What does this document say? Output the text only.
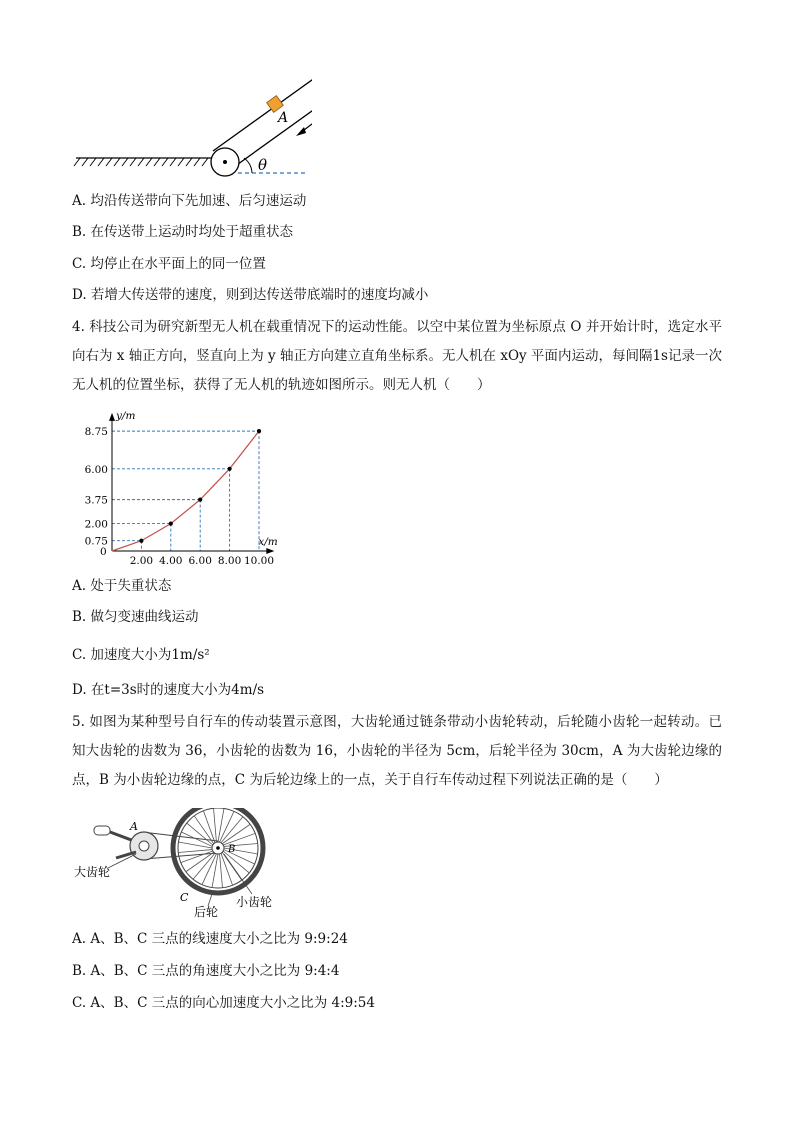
A
θ
A. 均沿传送带向下先加速、后匀速运动
B. 在传送带上运动时均处于超重状态
C. 均停止在水平面上的同一位置
D. 若增大传送带的速度，则到达传送带底端时的速度均减小
4. 科技公司为研究新型无人机在载重情况下的运动性能。以空中某位置为坐标原点 O 并开始计时，选定水平向右为 x 轴正方向，竖直向上为 y 轴正方向建立直角坐标系。无人机在 xOy 平面内运动，每间隔1s记录一次无人机的位置坐标，获得了无人机的轨迹如图所示。则无人机（　　）
2.00 4.00 6.00 8.00 10.00
0.75
2.00
3.75
6.00
8.75
x/m
y/m
0
A. 处于失重状态
B. 做匀变速曲线运动
C. 加速度大小为1m/s²
D. 在t=3s时的速度大小为4m/s
5. 如图为某种型号自行车的传动装置示意图，大齿轮通过链条带动小齿轮转动，后轮随小齿轮一起转动。已知大齿轮的齿数为 36，小齿轮的齿数为 16，小齿轮的半径为 5cm，后轮半径为 30cm，A 为大齿轮边缘的点，B 为小齿轮边缘的点，C 为后轮边缘上的一点，关于自行车传动过程下列说法正确的是（　　）
A
B
C
大齿轮
后轮
小齿轮
A. A、B、C 三点的线速度大小之比为 9:9:24
B. A、B、C 三点的角速度大小之比为 9:4:4
C. A、B、C 三点的向心加速度大小之比为 4:9:54
